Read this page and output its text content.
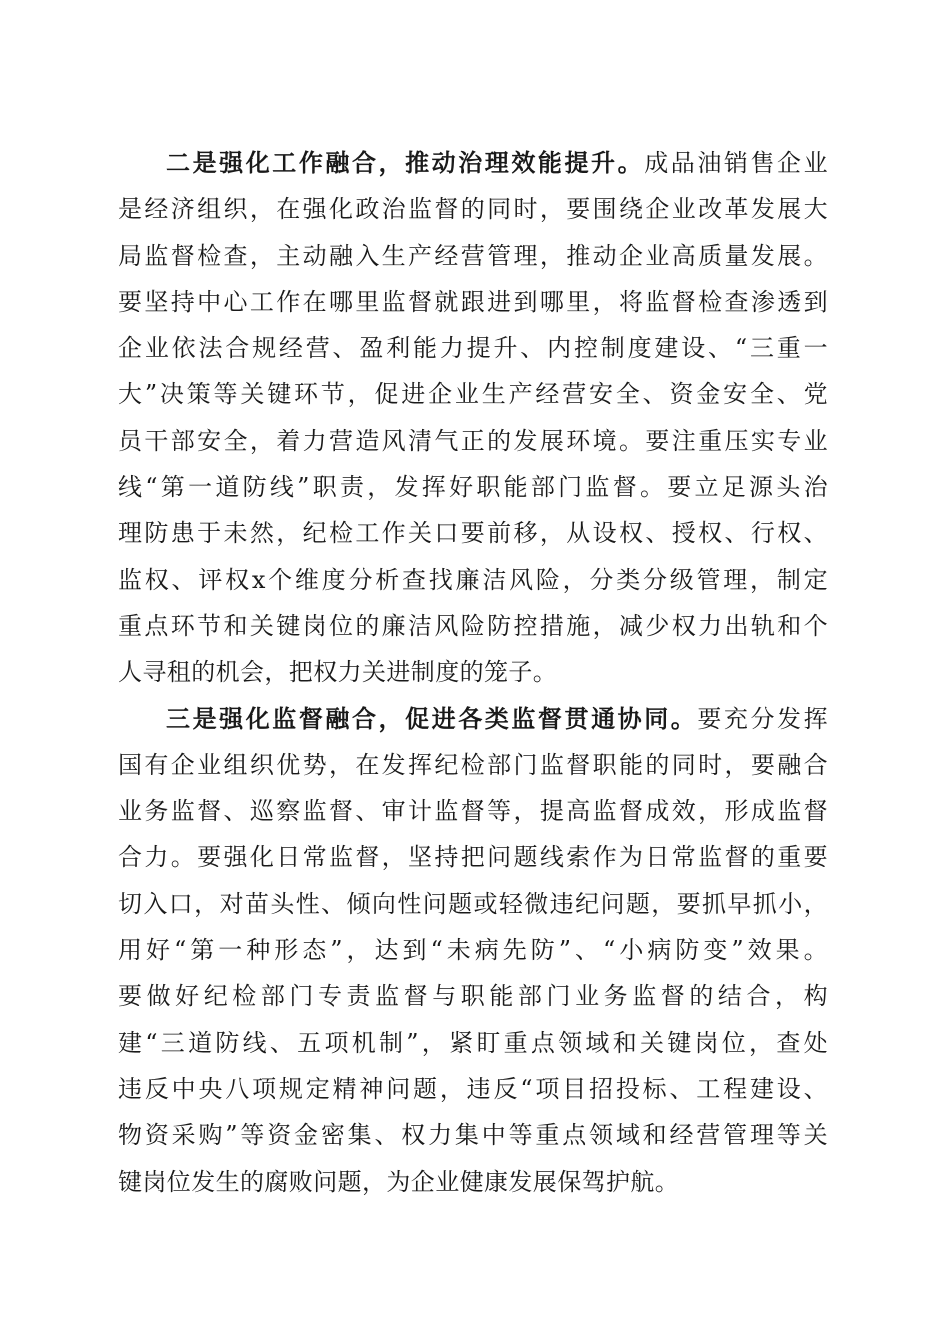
二是强化工作融合，推动治理效能提升。成品油销售企业
是经济组织，在强化政治监督的同时，要围绕企业改革发展大
局监督检查，主动融入生产经营管理，推动企业高质量发展。
要坚持中心工作在哪里监督就跟进到哪里，将监督检查渗透到
企业依法合规经营、盈利能力提升、内控制度建设、“三重一
大”决策等关键环节，促进企业生产经营安全、资金安全、党
员干部安全，着力营造风清气正的发展环境。要注重压实专业
线“第一道防线”职责，发挥好职能部门监督。要立足源头治
理防患于未然，纪检工作关口要前移，从设权、授权、行权、
监权、评权x个维度分析查找廉洁风险，分类分级管理，制定
重点环节和关键岗位的廉洁风险防控措施，减少权力出轨和个
人寻租的机会，把权力关进制度的笼子。
三是强化监督融合，促进各类监督贯通协同。要充分发挥
国有企业组织优势，在发挥纪检部门监督职能的同时，要融合
业务监督、巡察监督、审计监督等，提高监督成效，形成监督
合力。要强化日常监督，坚持把问题线索作为日常监督的重要
切入口，对苗头性、倾向性问题或轻微违纪问题，要抓早抓小，
用好“第一种形态”，达到“未病先防”、“小病防变”效果。
要做好纪检部门专责监督与职能部门业务监督的结合，构
建“三道防线、五项机制”，紧盯重点领域和关键岗位，查处
违反中央八项规定精神问题，违反“项目招投标、工程建设、
物资采购”等资金密集、权力集中等重点领域和经营管理等关
键岗位发生的腐败问题，为企业健康发展保驾护航。
